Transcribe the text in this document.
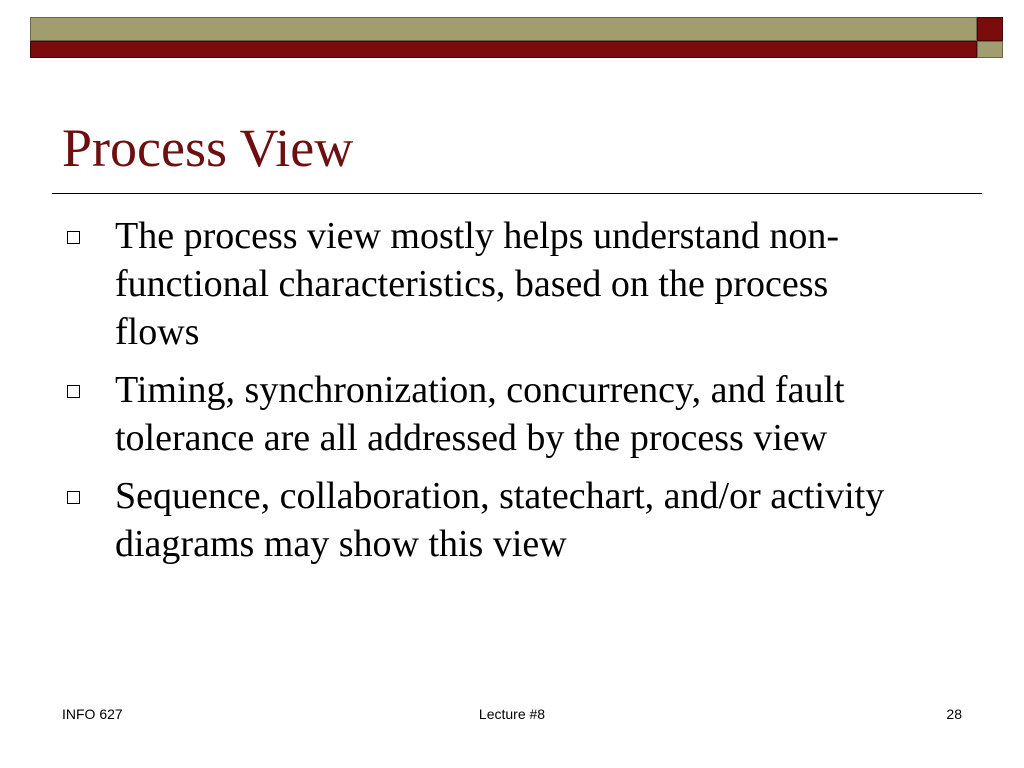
Process View
The process view mostly helps understand non-functional characteristics, based on the process flows
Timing, synchronization, concurrency, and fault tolerance are all addressed by the process view
Sequence, collaboration, statechart, and/or activity diagrams may show this view
INFO 627	Lecture #8	28
